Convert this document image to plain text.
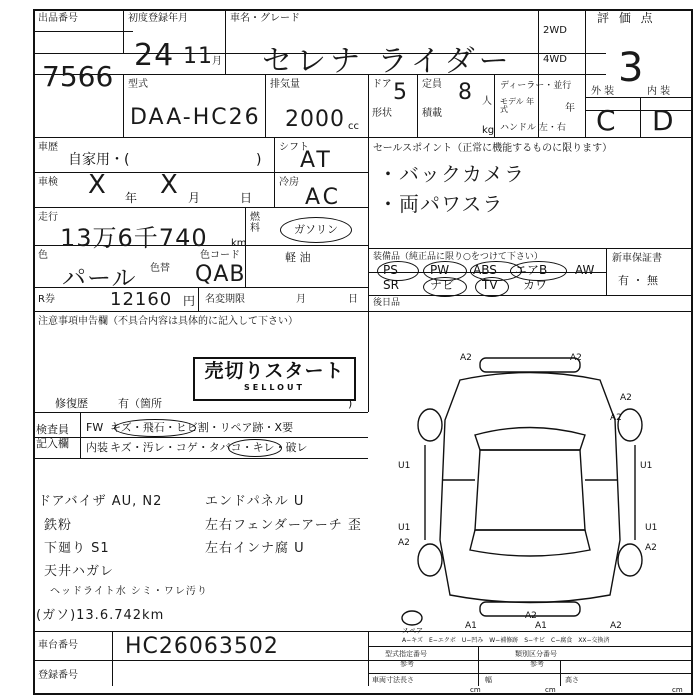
出品番号
7566
初度登録年月
24 11 月
車名・グレード
セレナ ライダー
2WD
4WD
評 価 点
3
型式
DAA-HC26
排気量
2000 cc
ドア 5 定員 8 人
形状	積載
kg
ディーラー・並行
モデル 年式	年
ハンドル 左・右
外 装	内 装
C D
車歴
自家用・(	)
シフト
AT
車検 X 年 X 月	日
冷房
AC
走行
13万6千740 km
燃料	ガソリン
色
パール 色替
色コード
QAB
軽 油
R券	12160 円 名変期限	月	日
セールスポイント（正常に機能するものに限ります）
・バックカメラ
・両パワスラ
装備品（純正品に限り○をつけて下さい）
PS	PW ABS エアB AW
SR	ナビ TV カワ
新車保証書
有 ・ 無
後日品
注意事項申告欄（不具合内容は具体的に記入して下さい）
売切りスタート
SELLOUT
修復歴	有（箇所	)
検査員
記入欄
FW キズ・飛石・ヒビ割・リペア跡・X要
内装 キズ・汚レ・コゲ・タバコ・キレ・破レ
ドアバイザ AU, N2
鉄粉
下廻り S1
天井ハガレ
ヘッドライト水 シミ・ワレ汚り
(ガソ)13.6.742km
エンドパネル U
左右フェンダーアーチ 歪
左右インナ腐 U
A2	A2
U1
U1
A2
U1
A2
A1
A2
A1	A2
A2
A2
U1
スペア
A−キズ　E−エクボ　U−凹み　W−補修跡　S−サビ　C−腐食　XX−交換済
車台番号 HC26063502
登録番号
型式指定番号
参考
類別区分番号
参考
車両寸法 長さ
cm
幅
cm
高さ
cm
